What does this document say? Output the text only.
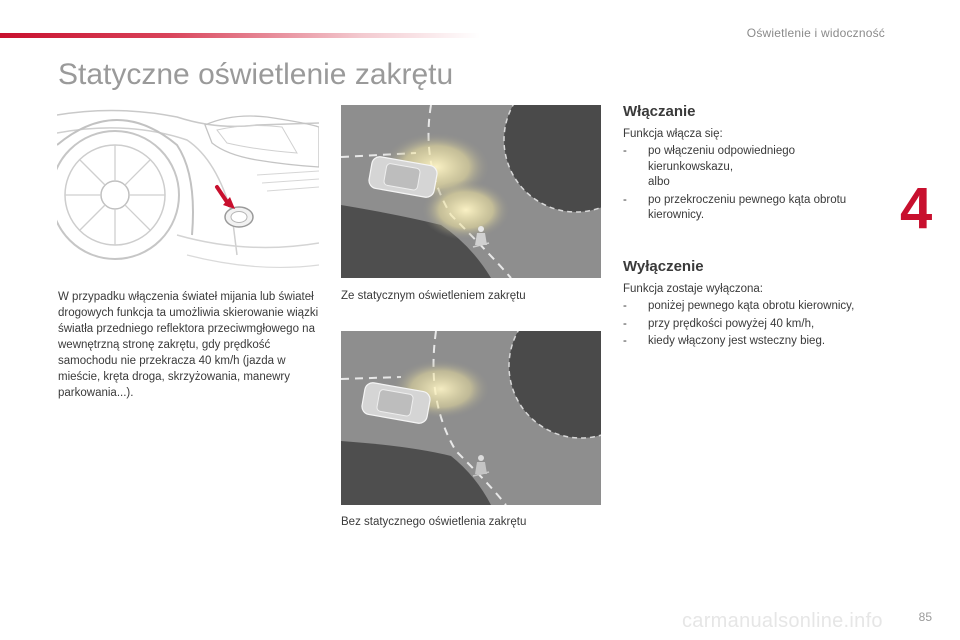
Oświetlenie i widoczność
4
Statyczne oświetlenie zakrętu
W przypadku włączenia świateł mijania lub świateł drogowych funkcja ta umożliwia skierowanie wiązki światła przedniego reflektora przeciwmgłowego na wewnętrzną stronę zakrętu, gdy prędkość samochodu nie przekracza 40 km/h (jazda w mieście, kręta droga, skrzyżowania, manewry parkowania...).
Ze statycznym oświetleniem zakrętu
Bez statycznego oświetlenia zakrętu
Włączanie
Funkcja włącza się:
- po włączeniu odpowiedniego kierunkowskazu,
albo
- po przekroczeniu pewnego kąta obrotu kierownicy.
Wyłączenie
Funkcja zostaje wyłączona:
- poniżej pewnego kąta obrotu kierownicy,
- przy prędkości powyżej 40 km/h,
- kiedy włączony jest wsteczny bieg.
carmanualsonline.info	85
